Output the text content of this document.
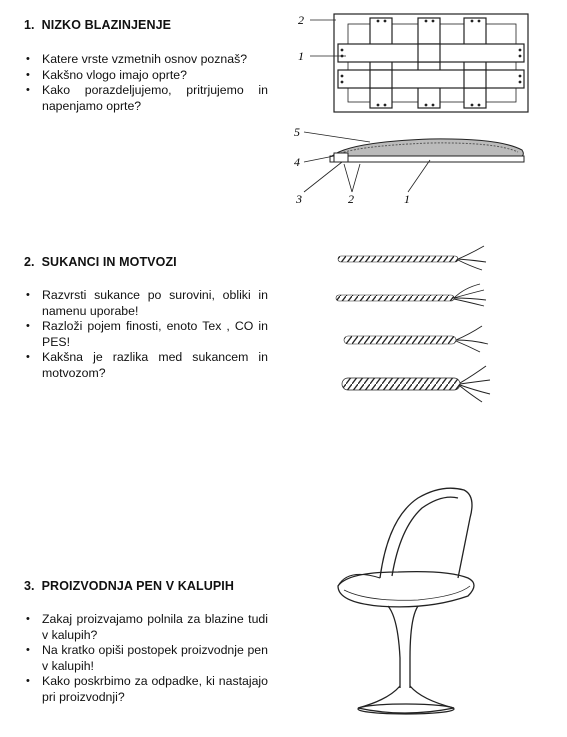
1. NIZKO BLAZINJENJE
• Katere vrste vzmetnih osnov poznaš?
• Kakšno vlogo imajo oprte?
• Kako porazdeljujemo, pritrjujemo in napenjamo oprte?
2
1
5
4
3	2	1
2. SUKANCI IN MOTVOZI
• Razvrsti sukance po surovini, obliki in namenu uporabe!
• Razloži pojem finosti, enoto Tex , CO in PES!
• Kakšna je razlika med sukancem in motvozom?
3. PROIZVODNJA PEN V KALUPIH
• Zakaj proizvajamo polnila za blazine tudi v kalupih?
• Na kratko opiši postopek proizvodnje pen v kalupih!
• Kako poskrbimo za odpadke, ki nastajajo pri proizvodnji?
